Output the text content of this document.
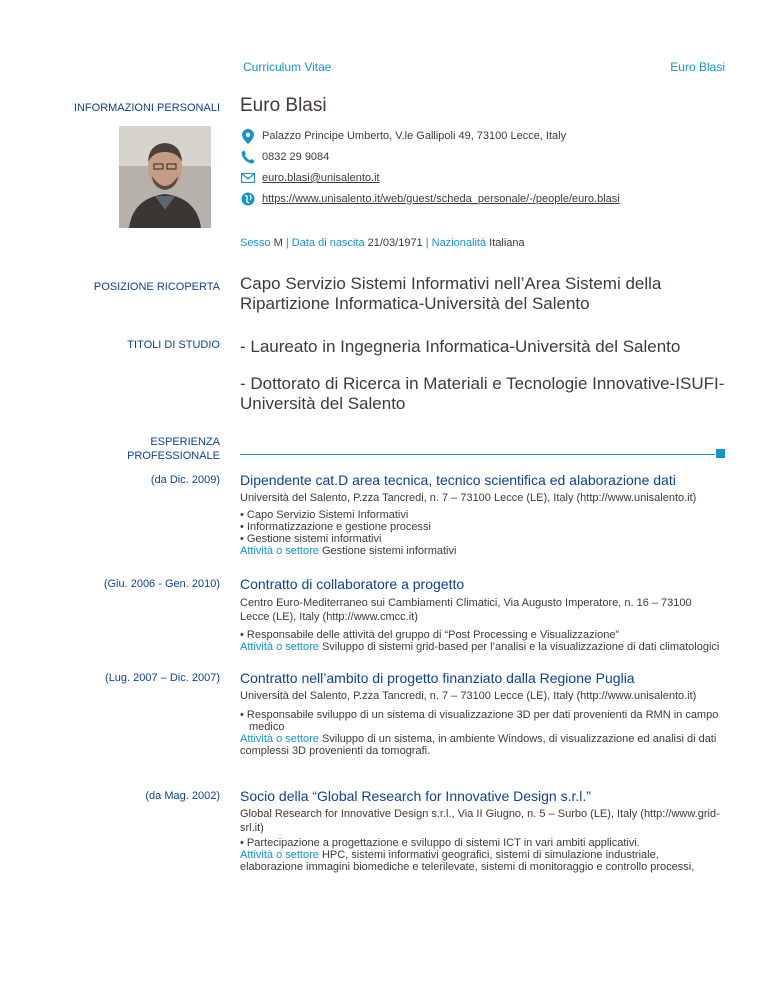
Curriculum Vitae	Euro Blasi
INFORMAZIONI PERSONALI Euro Blasi
Palazzo Principe Umberto, V.le Gallipoli 49, 73100 Lecce, Italy
0832 29 9084
euro.blasi@unisalento.it
https://www.unisalento.it/web/guest/scheda_personale/-/people/euro.blasi
Sesso M | Data di nascita 21/03/1971 | Nazionalità Italiana
POSIZIONE RICOPERTA Capo Servizio Sistemi Informativi nell’Area Sistemi della Ripartizione Informatica-Università del Salento
TITOLI DI STUDIO - Laureato in Ingegneria Informatica-Università del Salento
- Dottorato di Ricerca in Materiali e Tecnologie Innovative-ISUFI-Università del Salento
ESPERIENZA PROFESSIONALE
(da Dic. 2009) Dipendente cat.D area tecnica, tecnico scientifica ed alaborazione dati
Università del Salento, P.zza Tancredi, n. 7 – 73100 Lecce (LE), Italy (http://www.unisalento.it)
• Capo Servizio Sistemi Informativi
• Informatizzazione e gestione processi
• Gestione sistemi informativi
Attività o settore Gestione sistemi informativi
(Giu. 2006 - Gen. 2010) Contratto di collaboratore a progetto
Centro Euro-Mediterraneo sui Cambiamenti Climatici, Via Augusto Imperatore, n. 16 – 73100 Lecce (LE), Italy (http://www.cmcc.it)
• Responsabile delle attività del gruppo di “Post Processing e Visualizzazione”
Attività o settore Sviluppo di sistemi grid-based per l’analisi e la visualizzazione di dati climatologici
(Lug. 2007 – Dic. 2007) Contratto nell’ambito di progetto finanziato dalla Regione Puglia
Università del Salento, P.zza Tancredi, n. 7 – 73100 Lecce (LE), Italy (http://www.unisalento.it)
• Responsabile sviluppo di un sistema di visualizzazione 3D per dati provenienti da RMN in campo medico
Attività o settore Sviluppo di un sistema, in ambiente Windows, di visualizzazione ed analisi di dati complessi 3D provenienti da tomografi.
(da Mag. 2002) Socio della “Global Research for Innovative Design s.r.l.”
Global Research for Innovative Design s.r.l., Via II Giugno, n. 5 – Surbo (LE), Italy (http://www.grid-srl.it)
• Partecipazione a progettazione e sviluppo di sistemi ICT in vari ambiti applicativi.
Attività o settore HPC, sistemi informativi geografici, sistemi di simulazione industriale, elaborazione immagini biomediche e telerilevate, sistemi di monitoraggio e controllo processi,
